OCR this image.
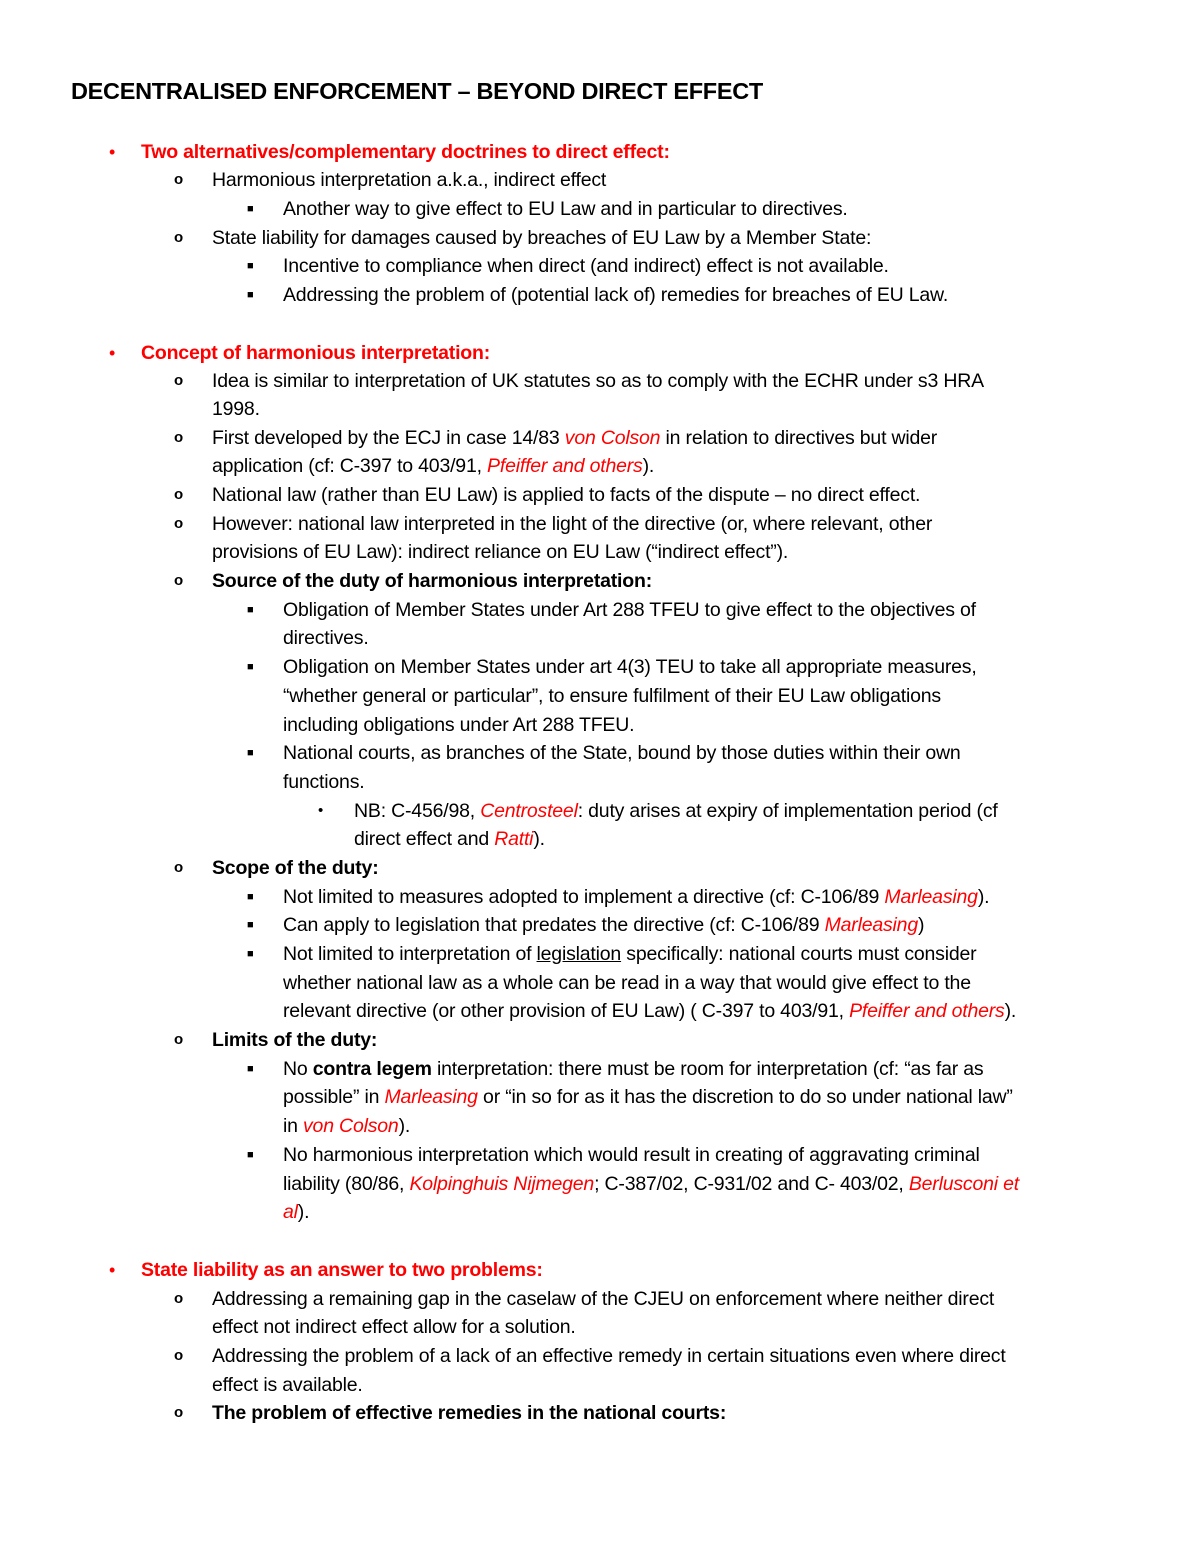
DECENTRALISED ENFORCEMENT – BEYOND DIRECT EFFECT
• Two alternatives/complementary doctrines to direct effect:
o Harmonious interpretation a.k.a., indirect effect
■ Another way to give effect to EU Law and in particular to directives.
o State liability for damages caused by breaches of EU Law by a Member State:
■ Incentive to compliance when direct (and indirect) effect is not available.
■ Addressing the problem of (potential lack of) remedies for breaches of EU Law.
• Concept of harmonious interpretation:
o Idea is similar to interpretation of UK statutes so as to comply with the ECHR under s3 HRA
1998.
o First developed by the ECJ in case 14/83 von Colson in relation to directives but wider
application (cf: C-397 to 403/91, Pfeiffer and others).
o National law (rather than EU Law) is applied to facts of the dispute – no direct effect.
o However: national law interpreted in the light of the directive (or, where relevant, other
provisions of EU Law): indirect reliance on EU Law (“indirect effect”).
o Source of the duty of harmonious interpretation:
■ Obligation of Member States under Art 288 TFEU to give effect to the objectives of
directives.
■ Obligation on Member States under art 4(3) TEU to take all appropriate measures,
“whether general or particular”, to ensure fulfilment of their EU Law obligations
including obligations under Art 288 TFEU.
■ National courts, as branches of the State, bound by those duties within their own
functions.
• NB: C-456/98, Centrosteel: duty arises at expiry of implementation period (cf
direct effect and Ratti).
o Scope of the duty:
■ Not limited to measures adopted to implement a directive (cf: C-106/89 Marleasing).
■ Can apply to legislation that predates the directive (cf: C-106/89 Marleasing)
■ Not limited to interpretation of legislation specifically: national courts must consider
whether national law as a whole can be read in a way that would give effect to the
relevant directive (or other provision of EU Law) ( C-397 to 403/91, Pfeiffer and others).
o Limits of the duty:
■ No contra legem interpretation: there must be room for interpretation (cf: “as far as
possible” in Marleasing or “in so for as it has the discretion to do so under national law”
in von Colson).
■ No harmonious interpretation which would result in creating of aggravating criminal
liability (80/86, Kolpinghuis Nijmegen; C-387/02, C-931/02 and C- 403/02, Berlusconi et
al).
• State liability as an answer to two problems:
o Addressing a remaining gap in the caselaw of the CJEU on enforcement where neither direct
effect not indirect effect allow for a solution.
o Addressing the problem of a lack of an effective remedy in certain situations even where direct
effect is available.
o The problem of effective remedies in the national courts:
